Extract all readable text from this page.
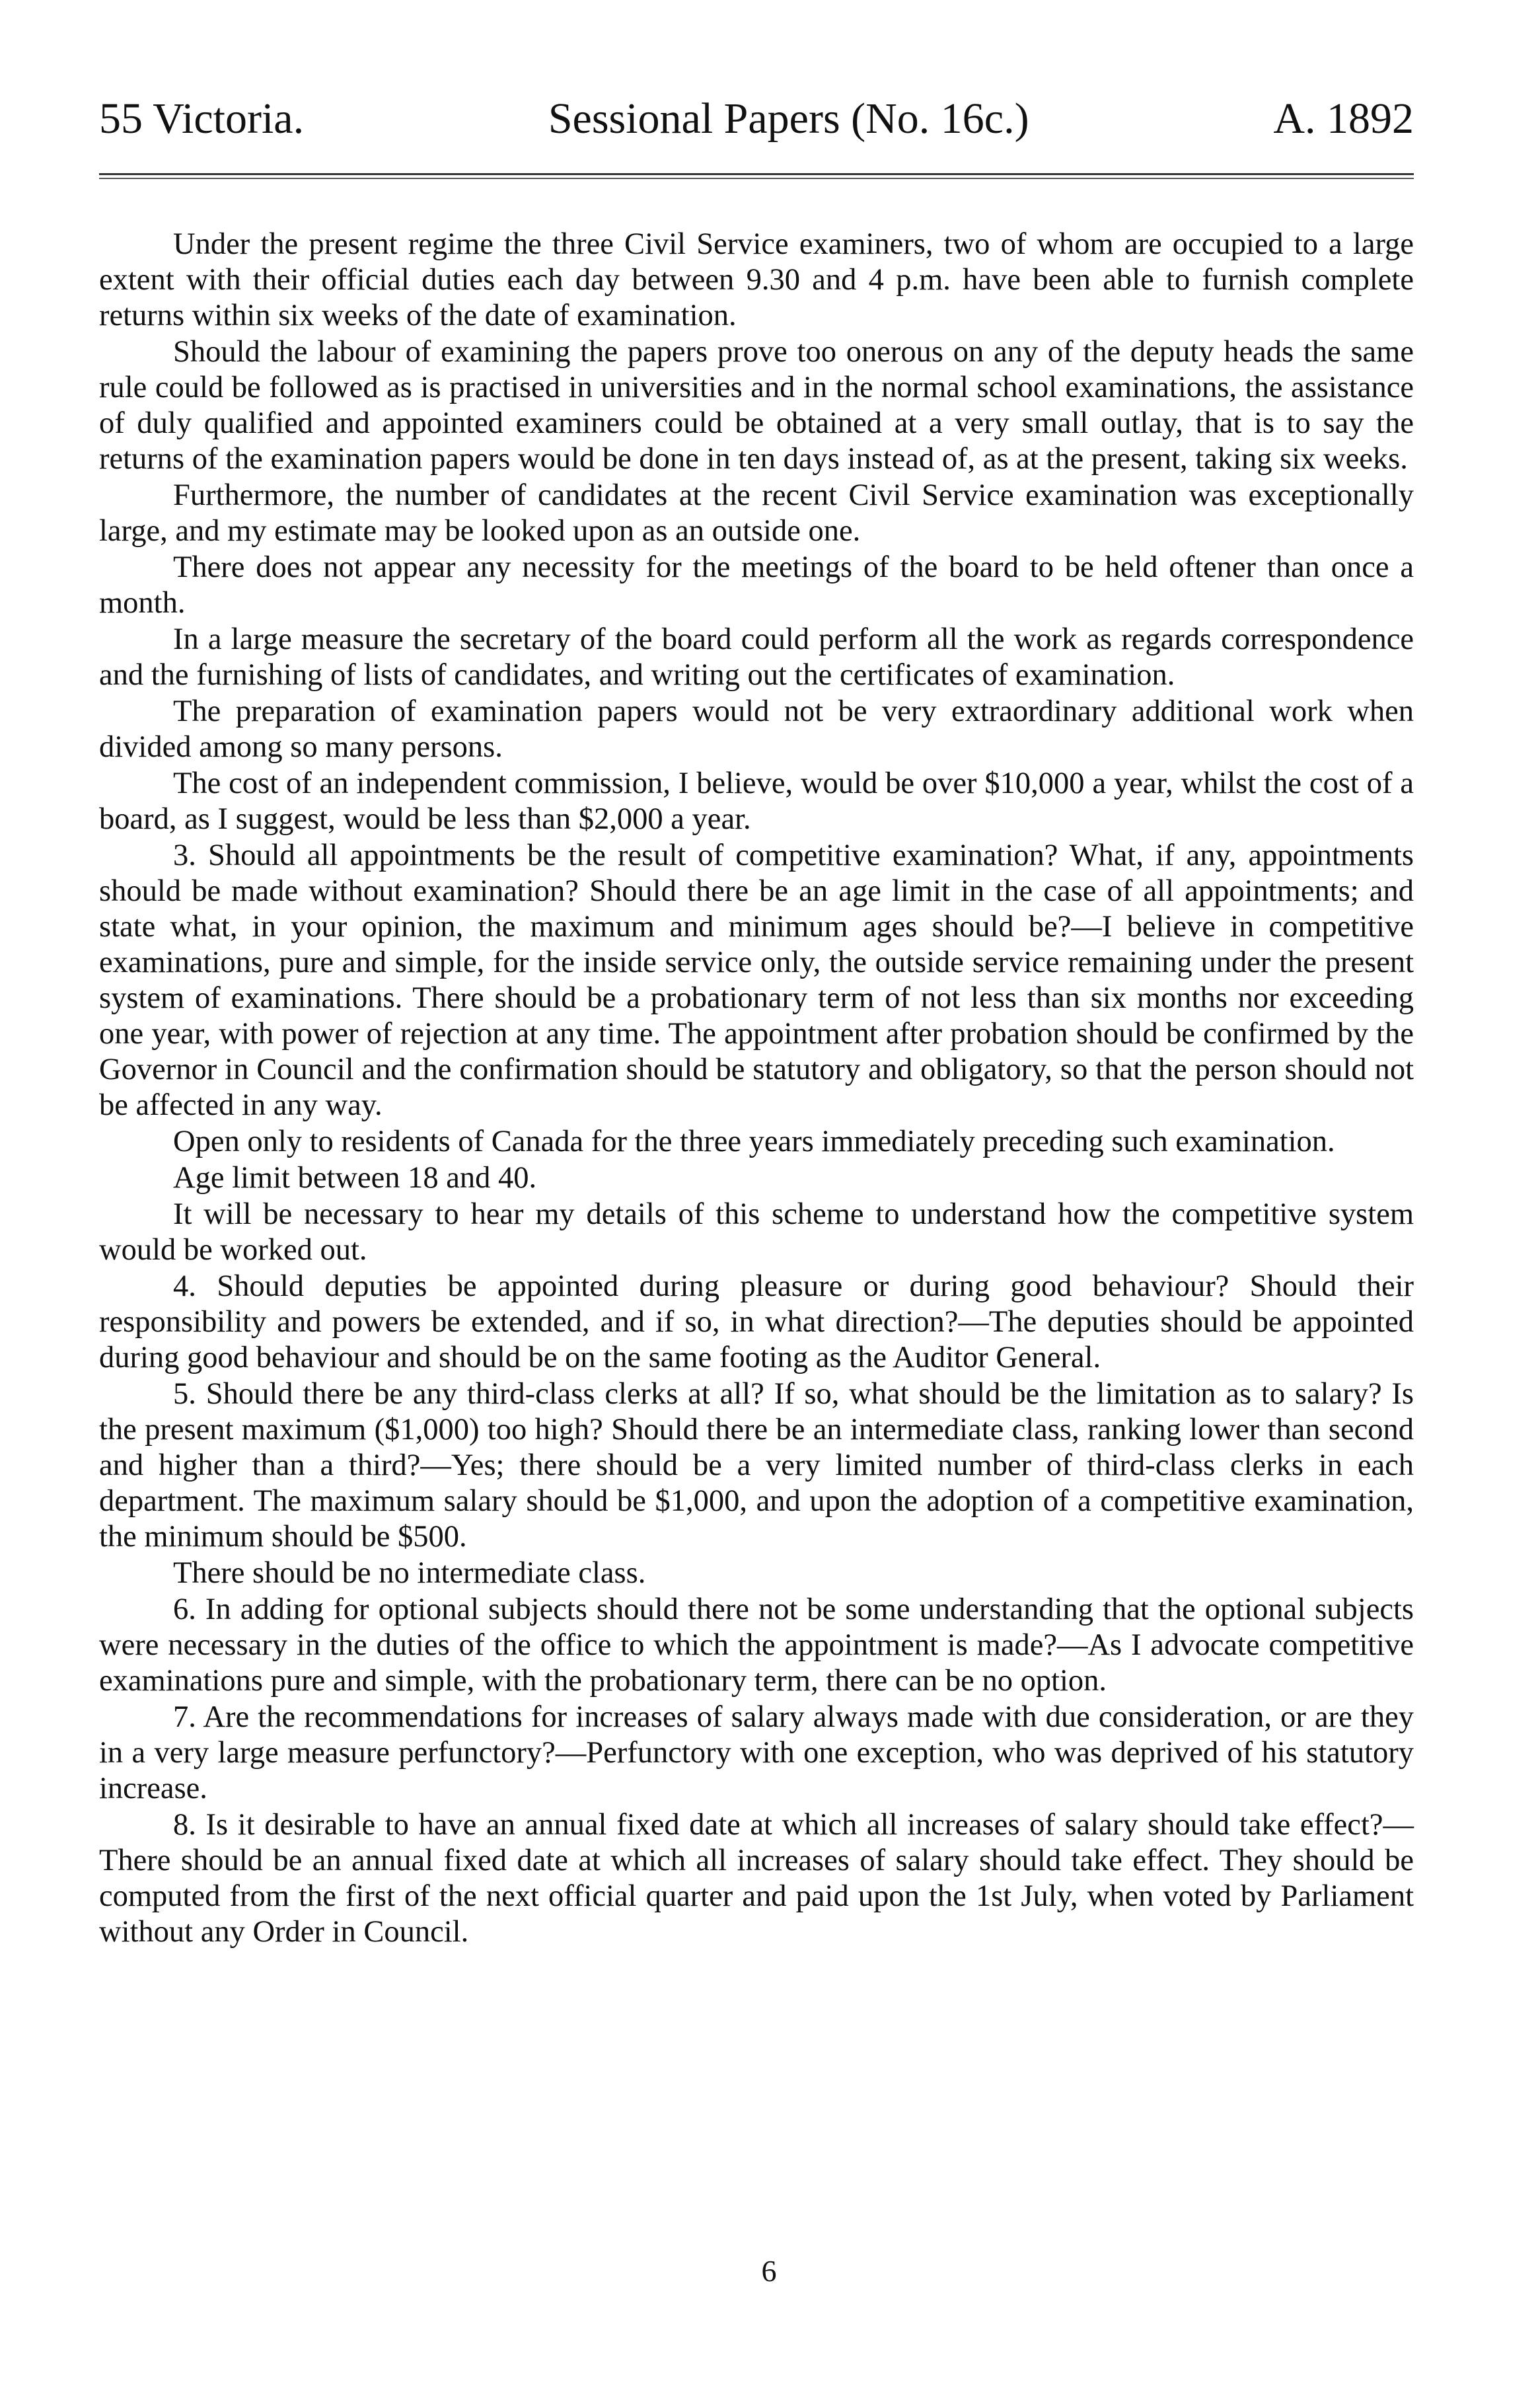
55 Victoria.	Sessional Papers (No. 16c.)	A. 1892

Under the present regime the three Civil Service examiners, two of whom are occupied to a large extent with their official duties each day between 9.30 and 4 p.m. have been able to furnish complete returns within six weeks of the date of examination.

Should the labour of examining the papers prove too onerous on any of the deputy heads the same rule could be followed as is practised in universities and in the normal school examinations, the assistance of duly qualified and appointed examiners could be obtained at a very small outlay, that is to say the returns of the examination papers would be done in ten days instead of, as at the present, taking six weeks.

Furthermore, the number of candidates at the recent Civil Service examination was exceptionally large, and my estimate may be looked upon as an outside one.

There does not appear any necessity for the meetings of the board to be held oftener than once a month.

In a large measure the secretary of the board could perform all the work as regards correspondence and the furnishing of lists of candidates, and writing out the certificates of examination.

The preparation of examination papers would not be very extraordinary additional work when divided among so many persons.

The cost of an independent commission, I believe, would be over $10,000 a year, whilst the cost of a board, as I suggest, would be less than $2,000 a year.

3. Should all appointments be the result of competitive examination? What, if any, appointments should be made without examination? Should there be an age limit in the case of all appointments; and state what, in your opinion, the maximum and minimum ages should be?—I believe in competitive examinations, pure and simple, for the inside service only, the outside service remaining under the present system of examinations. There should be a probationary term of not less than six months nor exceeding one year, with power of rejection at any time. The appointment after probation should be confirmed by the Governor in Council and the confirmation should be statutory and obligatory, so that the person should not be affected in any way.

Open only to residents of Canada for the three years immediately preceding such examination.

Age limit between 18 and 40.

It will be necessary to hear my details of this scheme to understand how the competitive system would be worked out.

4. Should deputies be appointed during pleasure or during good behaviour? Should their responsibility and powers be extended, and if so, in what direction?—The deputies should be appointed during good behaviour and should be on the same footing as the Auditor General.

5. Should there be any third-class clerks at all? If so, what should be the limitation as to salary? Is the present maximum ($1,000) too high? Should there be an intermediate class, ranking lower than second and higher than a third?—Yes; there should be a very limited number of third-class clerks in each department. The maximum salary should be $1,000, and upon the adoption of a competitive examination, the minimum should be $500.

There should be no intermediate class.

6. In adding for optional subjects should there not be some understanding that the optional subjects were necessary in the duties of the office to which the appointment is made?—As I advocate competitive examinations pure and simple, with the probationary term, there can be no option.

7. Are the recommendations for increases of salary always made with due consideration, or are they in a very large measure perfunctory?—Perfunctory with one exception, who was deprived of his statutory increase.

8. Is it desirable to have an annual fixed date at which all increases of salary should take effect?—There should be an annual fixed date at which all increases of salary should take effect. They should be computed from the first of the next official quarter and paid upon the 1st July, when voted by Parliament without any Order in Council.

6
